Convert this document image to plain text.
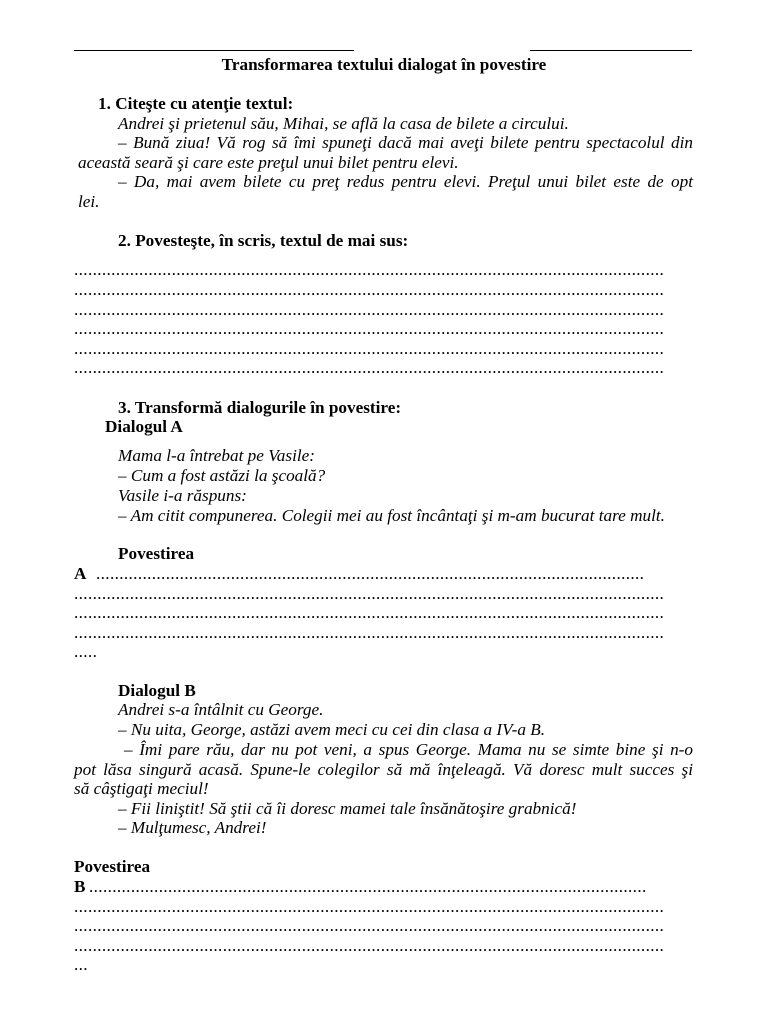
Transformarea textului dialogat în povestire
1. Citeşte cu atenţie textul:
Andrei şi prietenul său, Mihai, se află la casa de bilete a circului.
– Bună ziua! Vă rog să îmi spuneţi dacă mai aveţi bilete pentru spectacolul din
această seară şi care este preţul unui bilet pentru elevi.
– Da, mai avem bilete cu preţ redus pentru elevi. Preţul unui bilet este de opt
lei.
2. Povesteşte, în scris, textul de mai sus:
...............................................................................................................................
...............................................................................................................................
...............................................................................................................................
...............................................................................................................................
...............................................................................................................................
...............................................................................................................................
3. Transformă dialogurile în povestire:
Dialogul A
Mama l-a întrebat pe Vasile:
– Cum a fost astăzi la şcoală?
Vasile i-a răspuns:
– Am citit compunerea. Colegii mei au fost încântaţi şi m-am bucurat tare mult.
Povestirea
A ......................................................................................................................
...............................................................................................................................
...............................................................................................................................
...............................................................................................................................
.....
Dialogul B
Andrei s-a întâlnit cu George.
– Nu uita, George, astăzi avem meci cu cei din clasa a IV-a B.
– Îmi pare rău, dar nu pot veni, a spus George. Mama nu se simte bine şi n-o
pot lăsa singură acasă. Spune-le colegilor să mă înţeleagă. Vă doresc mult succes şi
să câştigaţi meciul!
– Fii liniştit! Să ştii că îi doresc mamei tale însănătoşire grabnică!
– Mulţumesc, Andrei!
Povestirea
B ........................................................................................................................
...............................................................................................................................
...............................................................................................................................
...............................................................................................................................
...
